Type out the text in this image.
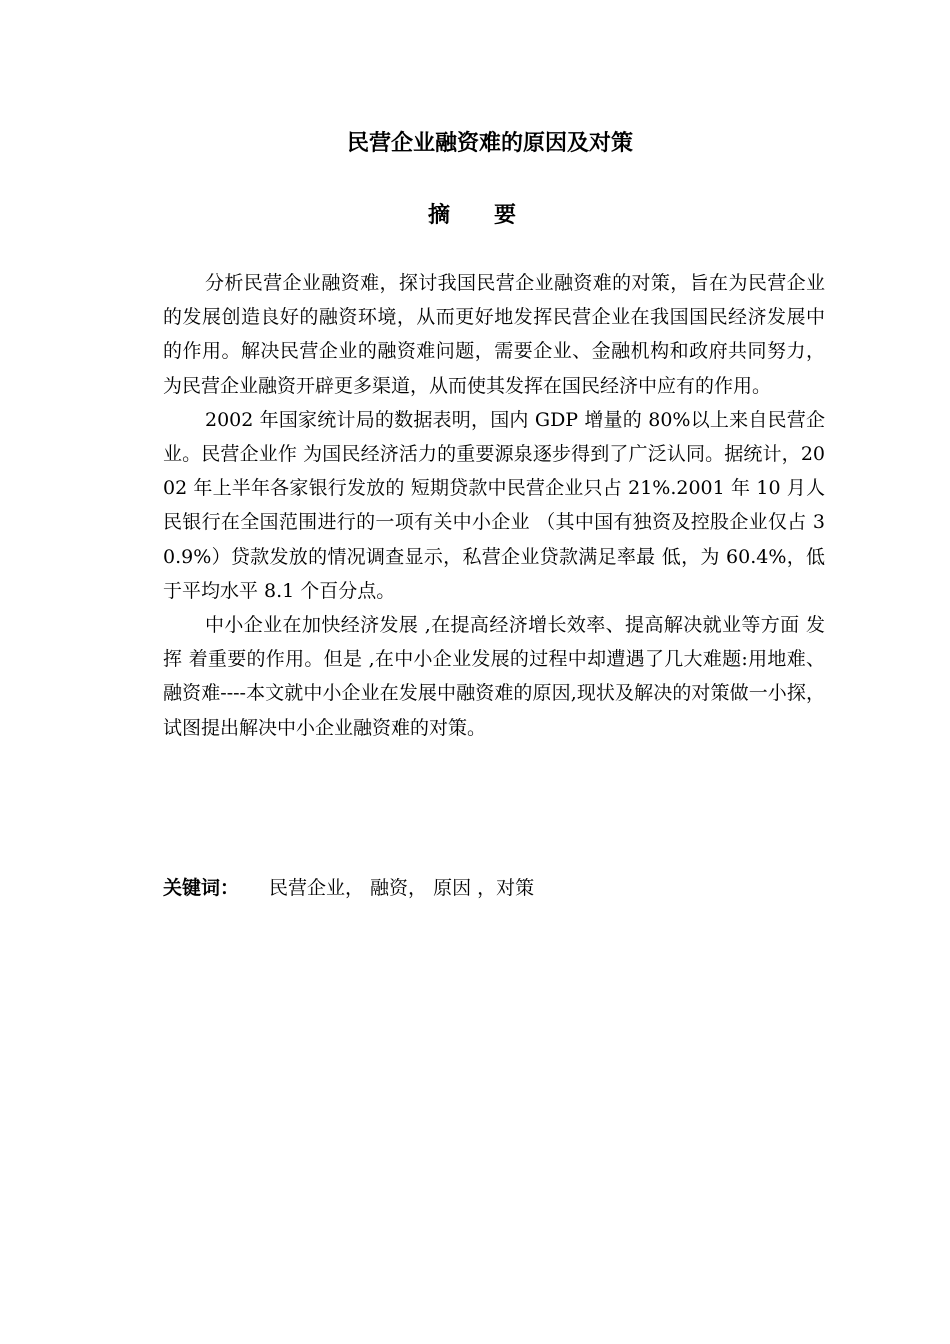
民营企业融资难的原因及对策
摘要

分析民营企业融资难，探讨我国民营企业融资难的对策，旨在为民营企业的发展创造良好的融资环境，从而更好地发挥民营企业在我国国民经济发展中的作用。解决民营企业的融资难问题，需要企业、金融机构和政府共同努力，为民营企业融资开辟更多渠道，从而使其发挥在国民经济中应有的作用。

2002 年国家统计局的数据表明，国内 GDP 增量的 80%以上来自民营企业。民营企业作 为国民经济活力的重要源泉逐步得到了广泛认同。据统计，2002 年上半年各家银行发放的 短期贷款中民营企业只占 21%.2001 年 10 月人民银行在全国范围进行的一项有关中小企业 （其中国有独资及控股企业仅占 30.9%）贷款发放的情况调查显示，私营企业贷款满足率最 低，为 60.4%，低于平均水平 8.1 个百分点。

中小企业在加快经济发展 ,在提高经济增长效率、提高解决就业等方面 发挥 着重要的作用。但是 ,在中小企业发展的过程中却遭遇了几大难题:用地难、融资难----本文就中小企业在发展中融资难的原因,现状及解决的对策做一小探，试图提出解决中小企业融资难的对策。

关键词： 民营企业， 融资， 原因 ，对策
